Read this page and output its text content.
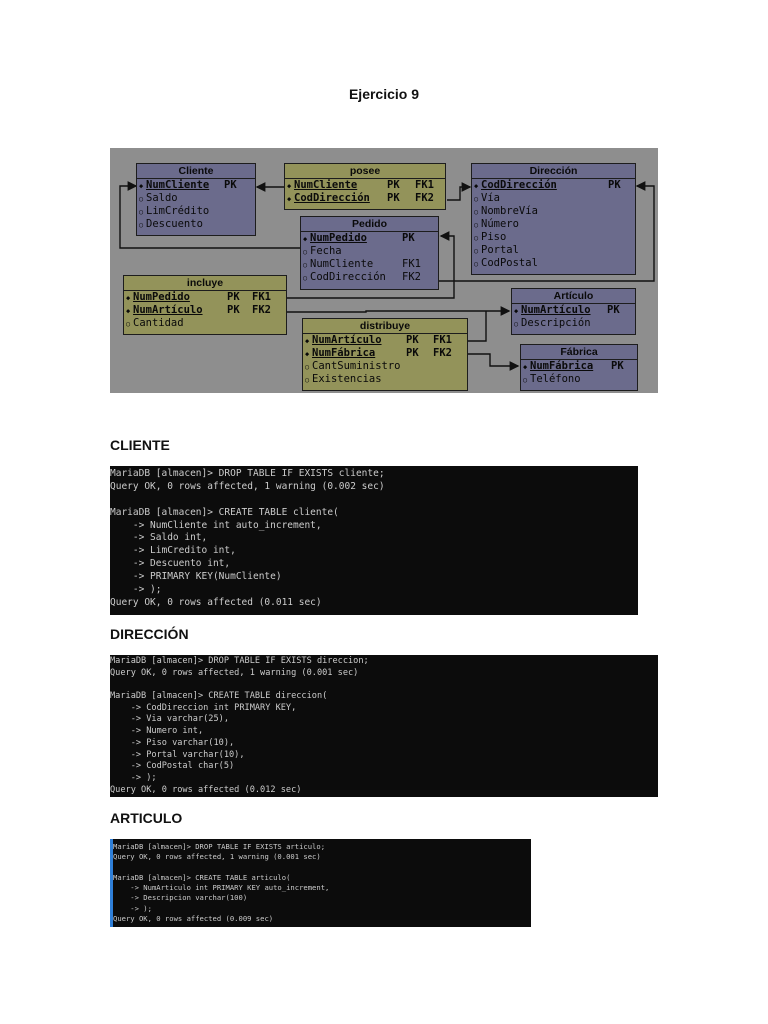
Ejercicio 9
Cliente
◆ NumCliente PK
○ Saldo
○ LimCrédito
○ Descuento
posee
◆ NumCliente	PK FK1
◆ CodDirección PK FK2
Dirección
◆ CodDirección	PK
○ Vía
○ NombreVía
○ Número
○ Piso
○ Portal
○ CodPostal
Pedido
◆ NumPedido	PK
○ Fecha
○ NumCliente	FK1
○ CodDirección FK2
incluye
◆ NumPedido	PK FK1
◆ NumArtículo PK FK2
○ Cantidad
Artículo
◆ NumArtículo PK
○ Descripción
distribuye
◆ NumArtículo PK FK1
◆ NumFábrica	PK FK2
○ CantSuministro
○ Existencias
Fábrica
◆ NumFábrica PK
○ Teléfono
CLIENTE
MariaDB [almacen]> DROP TABLE IF EXISTS cliente;
Query OK, 0 rows affected, 1 warning (0.002 sec)
MariaDB [almacen]> CREATE TABLE cliente(
-> NumCliente int auto_increment,
-> Saldo int,
-> LimCredito int,
-> Descuento int,
-> PRIMARY KEY(NumCliente)
-> );
Query OK, 0 rows affected (0.011 sec)
DIRECCIÓN
MariaDB [almacen]> DROP TABLE IF EXISTS direccion;
Query OK, 0 rows affected, 1 warning (0.001 sec)
MariaDB [almacen]> CREATE TABLE direccion(
-> CodDireccion int PRIMARY KEY,
-> Via varchar(25),
-> Numero int,
-> Piso varchar(10),
-> Portal varchar(10),
-> CodPostal char(5)
-> );
Query OK, 0 rows affected (0.012 sec)
ARTICULO
MariaDB [almacen]> DROP TABLE IF EXISTS articulo;
Query OK, 0 rows affected, 1 warning (0.001 sec)
MariaDB [almacen]> CREATE TABLE articulo(
-> NumArticulo int PRIMARY KEY auto_increment,
-> Descripcion varchar(100)
-> );
Query OK, 0 rows affected (0.009 sec)
